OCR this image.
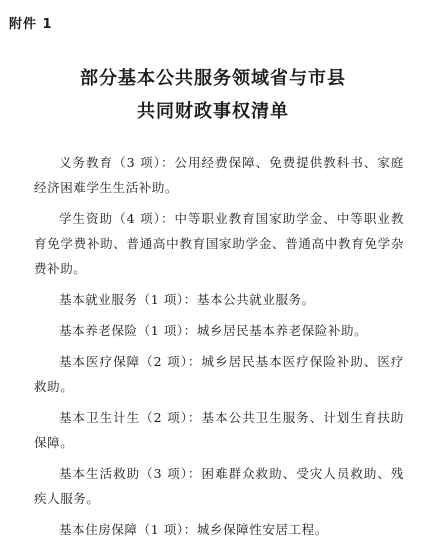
附件 1
部分基本公共服务领域省与市县
共同财政事权清单

义务教育（3 项）：公用经费保障、免费提供教科书、家庭经济困难学生生活补助。

学生资助（4 项）：中等职业教育国家助学金、中等职业教育免学费补助、普通高中教育国家助学金、普通高中教育免学杂费补助。

基本就业服务（1 项）：基本公共就业服务。

基本养老保险（1 项）：城乡居民基本养老保险补助。

基本医疗保障（2 项）：城乡居民基本医疗保险补助、医疗救助。

基本卫生计生（2 项）：基本公共卫生服务、计划生育扶助保障。

基本生活救助（3 项）：困难群众救助、受灾人员救助、残疾人服务。

基本住房保障（1 项）：城乡保障性安居工程。
